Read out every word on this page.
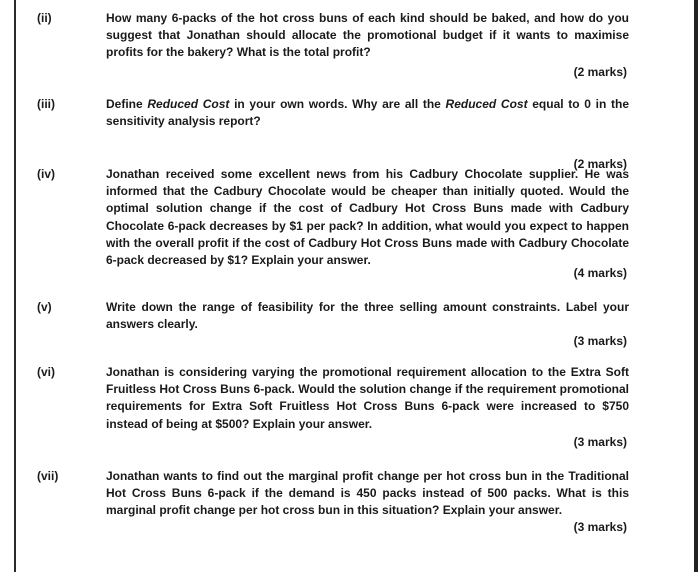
(ii)	How many 6-packs of the hot cross buns of each kind should be baked, and how do you suggest that Jonathan should allocate the promotional budget if it wants to maximise profits for the bakery? What is the total profit?
(2 marks)
(iii)	Define Reduced Cost in your own words. Why are all the Reduced Cost equal to 0 in the sensitivity analysis report?
(2 marks)
(iv)	Jonathan received some excellent news from his Cadbury Chocolate supplier. He was informed that the Cadbury Chocolate would be cheaper than initially quoted. Would the optimal solution change if the cost of Cadbury Hot Cross Buns made with Cadbury Chocolate 6-pack decreases by $1 per pack? In addition, what would you expect to happen with the overall profit if the cost of Cadbury Hot Cross Buns made with Cadbury Chocolate 6-pack decreased by $1? Explain your answer.
(4 marks)
(v)	Write down the range of feasibility for the three selling amount constraints. Label your answers clearly.
(3 marks)
(vi)	Jonathan is considering varying the promotional requirement allocation to the Extra Soft Fruitless Hot Cross Buns 6-pack. Would the solution change if the requirement promotional requirements for Extra Soft Fruitless Hot Cross Buns 6-pack were increased to $750 instead of being at $500? Explain your answer.
(3 marks)
(vii)	Jonathan wants to find out the marginal profit change per hot cross bun in the Traditional Hot Cross Buns 6-pack if the demand is 450 packs instead of 500 packs. What is this marginal profit change per hot cross bun in this situation? Explain your answer.
(3 marks)
